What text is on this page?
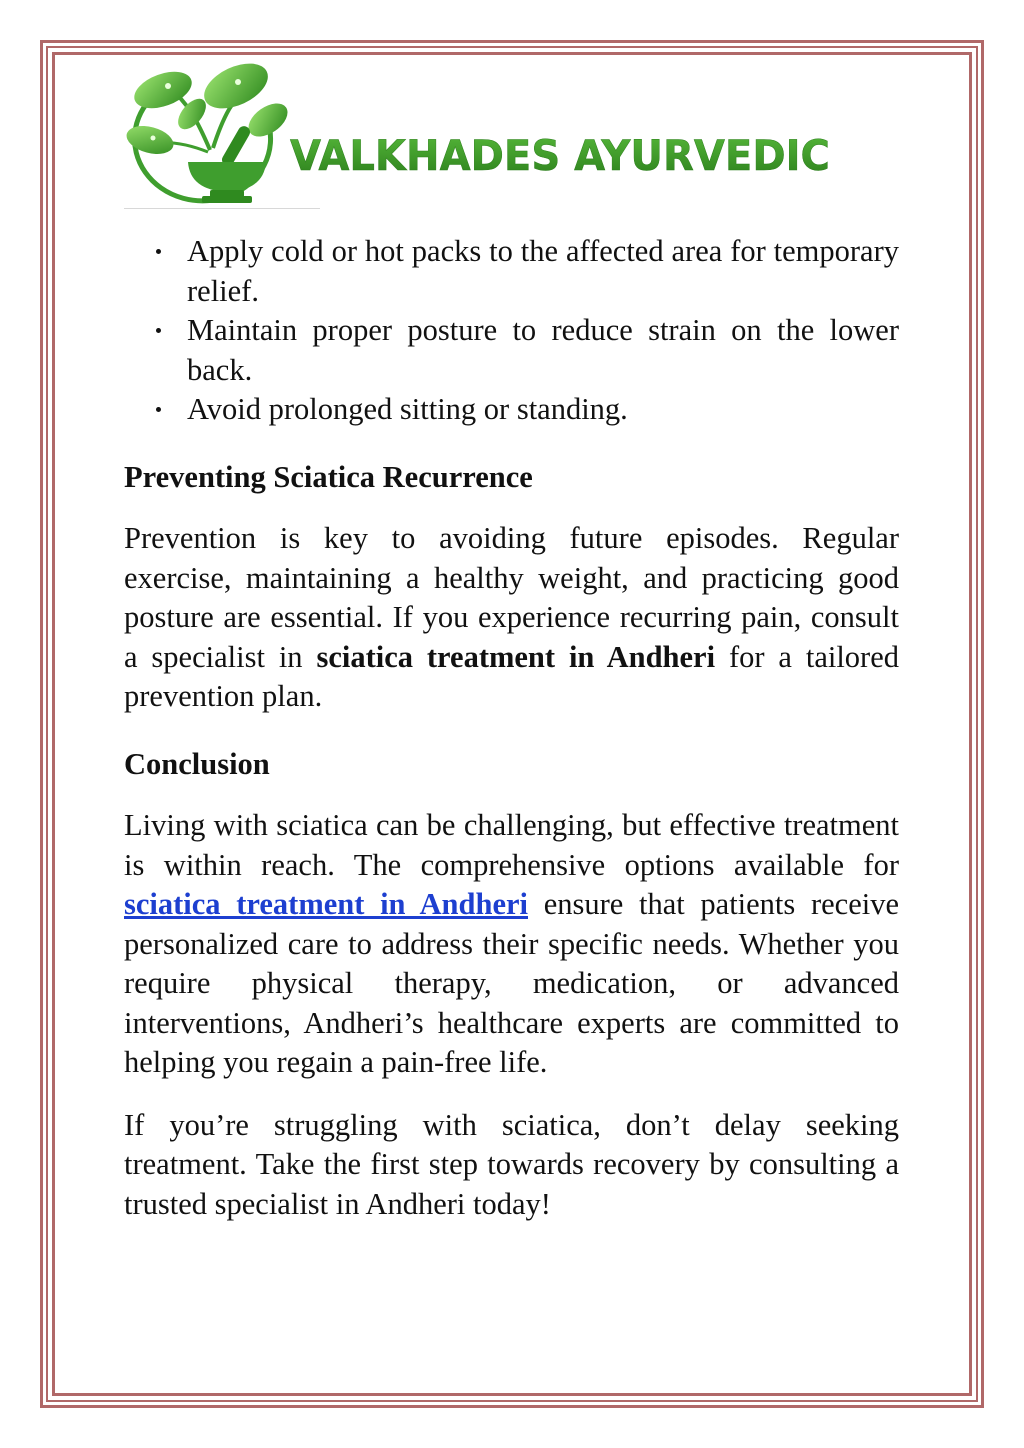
VALKHADES AYURVEDIC
Apply cold or hot packs to the affected area for temporary relief.
Maintain proper posture to reduce strain on the lower back.
Avoid prolonged sitting or standing.
Preventing Sciatica Recurrence

Prevention is key to avoiding future episodes. Regular exercise, maintaining a healthy weight, and practicing good posture are essential. If you experience recurring pain, consult a specialist in sciatica treatment in Andheri for a tailored prevention plan.

Conclusion

Living with sciatica can be challenging, but effective treatment is within reach. The comprehensive options available for sciatica treatment in Andheri ensure that patients receive personalized care to address their specific needs. Whether you require physical therapy, medication, or advanced interventions, Andheri’s healthcare experts are committed to helping you regain a pain-free life.

If you’re struggling with sciatica, don’t delay seeking treatment. Take the first step towards recovery by consulting a trusted specialist in Andheri today!
